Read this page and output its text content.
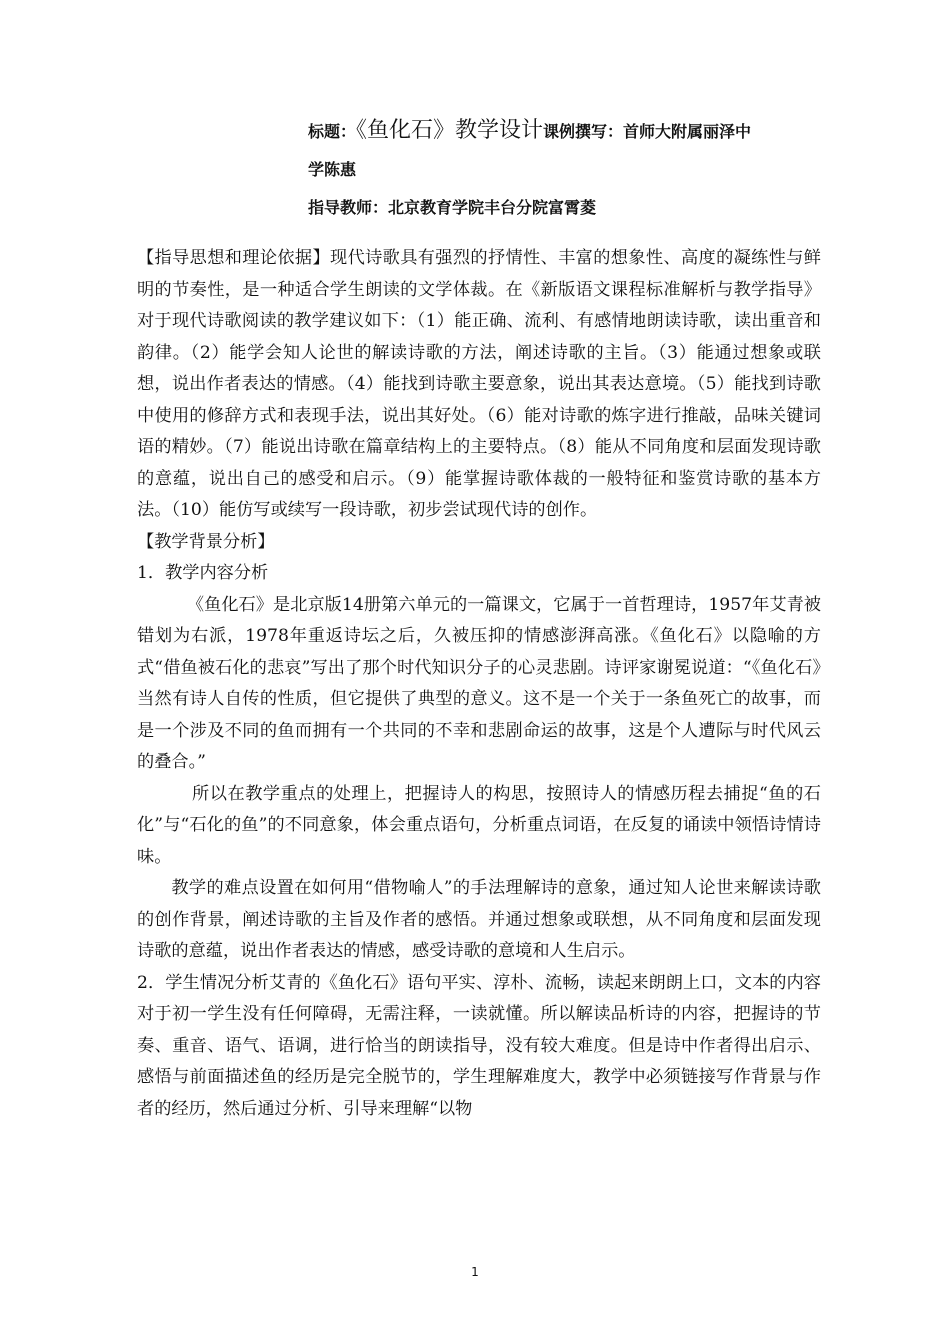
标题：《鱼化石》教学设计课例撰写：首师大附属丽泽中
学陈惠
指导教师：北京教育学院丰台分院富霄菱

【指导思想和理论依据】现代诗歌具有强烈的抒情性、丰富的想象性、高度的凝练性与鲜明的节奏性，是一种适合学生朗读的文学体裁。在《新版语文课程标准解析与教学指导》对于现代诗歌阅读的教学建议如下：（1）能正确、流利、有感情地朗读诗歌，读出重音和韵律。（2）能学会知人论世的解读诗歌的方法，阐述诗歌的主旨。（3）能通过想象或联想，说出作者表达的情感。（4）能找到诗歌主要意象，说出其表达意境。（5）能找到诗歌中使用的修辞方式和表现手法，说出其好处。（6）能对诗歌的炼字进行推敲，品味关键词语的精妙。（7）能说出诗歌在篇章结构上的主要特点。（8）能从不同角度和层面发现诗歌的意蕴，说出自己的感受和启示。（9）能掌握诗歌体裁的一般特征和鉴赏诗歌的基本方法。（10）能仿写或续写一段诗歌，初步尝试现代诗的创作。

【教学背景分析】

1．教学内容分析

《鱼化石》是北京版14册第六单元的一篇课文，它属于一首哲理诗，1957年艾青被错划为右派，1978年重返诗坛之后，久被压抑的情感澎湃高涨。《鱼化石》以隐喻的方式“借鱼被石化的悲哀”写出了那个时代知识分子的心灵悲剧。诗评家谢冕说道：“《鱼化石》当然有诗人自传的性质，但它提供了典型的意义。这不是一个关于一条鱼死亡的故事，而是一个涉及不同的鱼而拥有一个共同的不幸和悲剧命运的故事，这是个人遭际与时代风云的叠合。”

所以在教学重点的处理上，把握诗人的构思，按照诗人的情感历程去捕捉“鱼的石化”与“石化的鱼”的不同意象，体会重点语句，分析重点词语，在反复的诵读中领悟诗情诗味。

教学的难点设置在如何用“借物喻人”的手法理解诗的意象，通过知人论世来解读诗歌的创作背景，阐述诗歌的主旨及作者的感悟。并通过想象或联想，从不同角度和层面发现诗歌的意蕴，说出作者表达的情感，感受诗歌的意境和人生启示。

2．学生情况分析艾青的《鱼化石》语句平实、淳朴、流畅，读起来朗朗上口，文本的内容对于初一学生没有任何障碍，无需注释，一读就懂。所以解读品析诗的内容，把握诗的节奏、重音、语气、语调，进行恰当的朗读指导，没有较大难度。但是诗中作者得出启示、感悟与前面描述鱼的经历是完全脱节的，学生理解难度大，教学中必须链接写作背景与作者的经历，然后通过分析、引导来理解“以物

1
